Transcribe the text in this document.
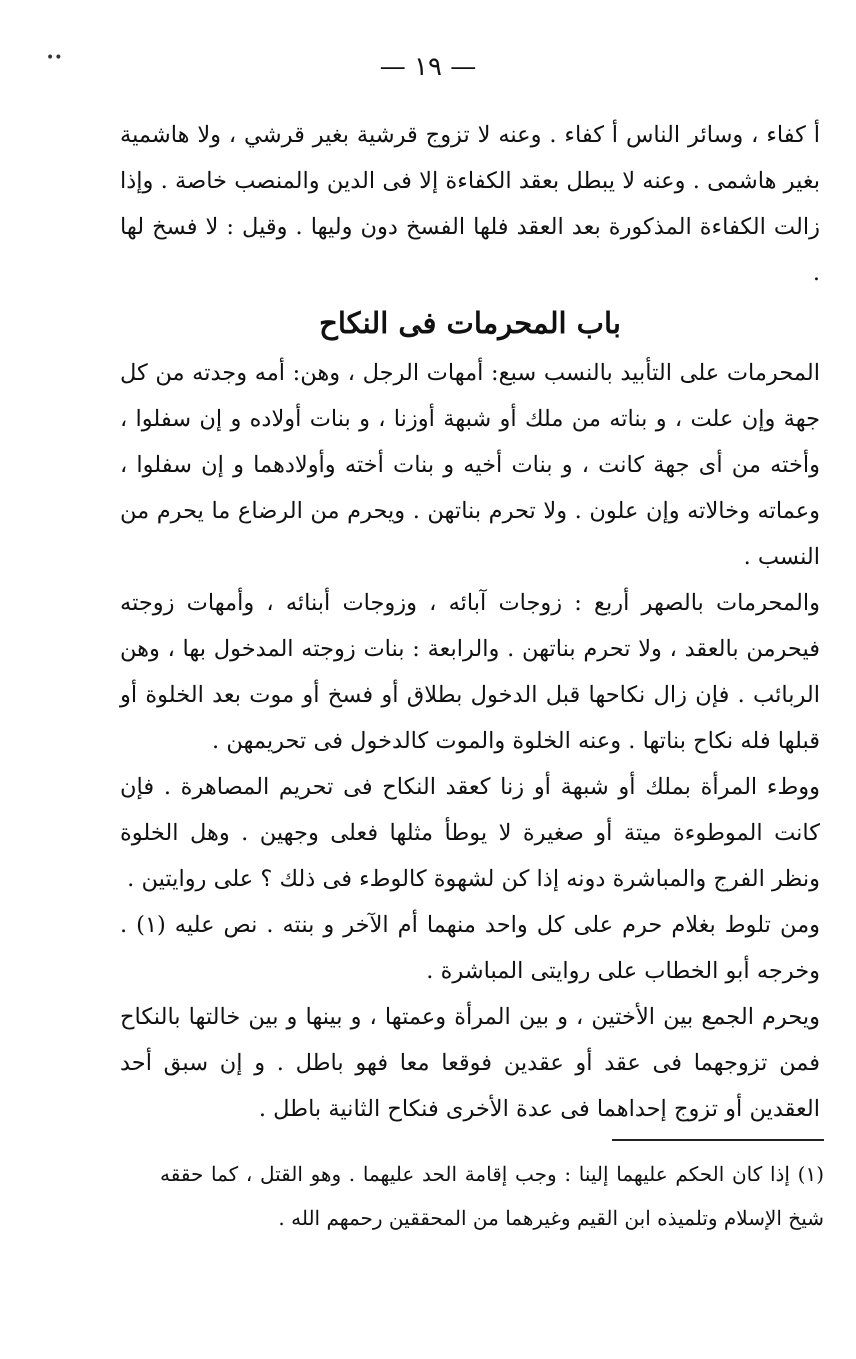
••	— ١٩ —

أ كفاء ، وسائر الناس أ كفاء . وعنه لا تزوج قرشية بغير قرشي ، ولا هاشمية بغير هاشمى . وعنه لا يبطل بعقد الكفاءة إلا فى الدين والمنصب خاصة . وإذا زالت الكفاءة المذكورة بعد العقد فلها الفسخ دون وليها . وقيل : لا فسخ لها .

باب المحرمات فى النكاح

المحرمات على التأبيد بالنسب سبع: أمهات الرجل ، وهن: أمه وجدته من كل جهة وإن علت ، و بناته من ملك أو شبهة أوزنا ، و بنات أولاده و إن سفلوا ، وأخته من أى جهة كانت ، و بنات أخيه و بنات أخته وأولادهما و إن سفلوا ، وعماته وخالاته وإن علون . ولا تحرم بناتهن . ويحرم من الرضاع ما يحرم من النسب .

والمحرمات بالصهر أربع : زوجات آبائه ، وزوجات أبنائه ، وأمهات زوجته فيحرمن بالعقد ، ولا تحرم بناتهن . والرابعة : بنات زوجته المدخول بها ، وهن الربائب . فإن زال نكاحها قبل الدخول بطلاق أو فسخ أو موت بعد الخلوة أو قبلها فله نكاح بناتها . وعنه الخلوة والموت كالدخول فى تحريمهن .

ووطء المرأة بملك أو شبهة أو زنا كعقد النكاح فى تحريم المصاهرة . فإن كانت الموطوءة ميتة أو صغيرة لا يوطأ مثلها فعلى وجهين . وهل الخلوة ونظر الفرج والمباشرة دونه إذا كن لشهوة كالوطء فى ذلك ؟ على روايتين .

ومن تلوط بغلام حرم على كل واحد منهما أم الآخر و بنته . نص عليه (١) . وخرجه أبو الخطاب على روايتى المباشرة .

ويحرم الجمع بين الأختين ، و بين المرأة وعمتها ، و بينها و بين خالتها بالنكاح فمن تزوجهما فى عقد أو عقدين فوقعا معا فهو باطل . و إن سبق أحد العقدين أو تزوج إحداهما فى عدة الأخرى فنكاح الثانية باطل .

(١) إذا كان الحكم عليهما إلينا : وجب إقامة الحد عليهما . وهو القتل ، كما حققه شيخ الإسلام وتلميذه ابن القيم وغيرهما من المحققين رحمهم الله .
